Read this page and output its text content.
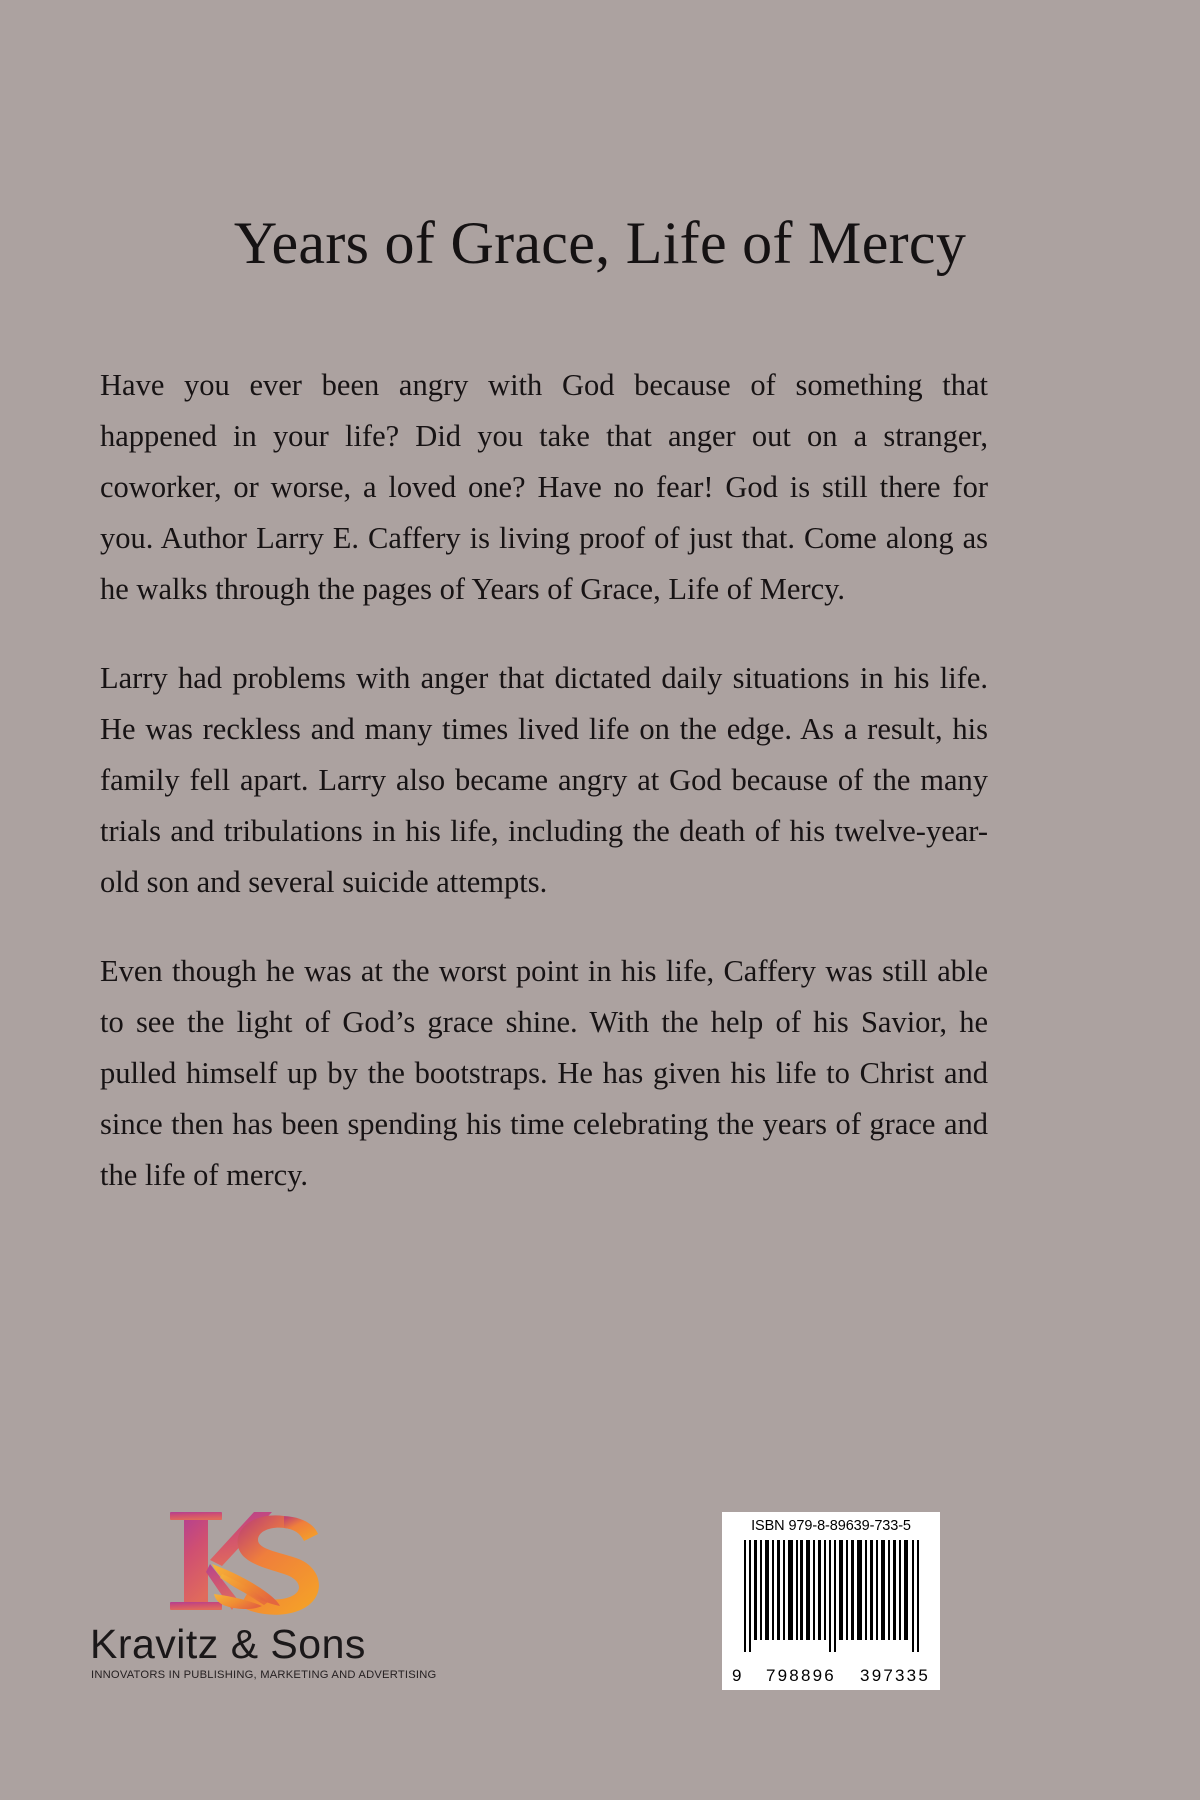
Years of Grace, Life of Mercy

Have you ever been angry with God because of something that happened in your life? Did you take that anger out on a stranger, coworker, or worse, a loved one? Have no fear! God is still there for you. Author Larry E. Caffery is living proof of just that. Come along as he walks through the pages of Years of Grace, Life of Mercy.

Larry had problems with anger that dictated daily situations in his life. He was reckless and many times lived life on the edge. As a result, his family fell apart. Larry also became angry at God because of the many trials and tribulations in his life, including the death of his twelve-year-old son and several suicide attempts.

Even though he was at the worst point in his life, Caffery was still able to see the light of God’s grace shine. With the help of his Savior, he pulled himself up by the bootstraps. He has given his life to Christ and since then has been spending his time celebrating the years of grace and the life of mercy.

Kravitz & Sons
INNOVATORS IN PUBLISHING, MARKETING AND ADVERTISING
ISBN 979-8-89639-733-5
9 798896 397335
